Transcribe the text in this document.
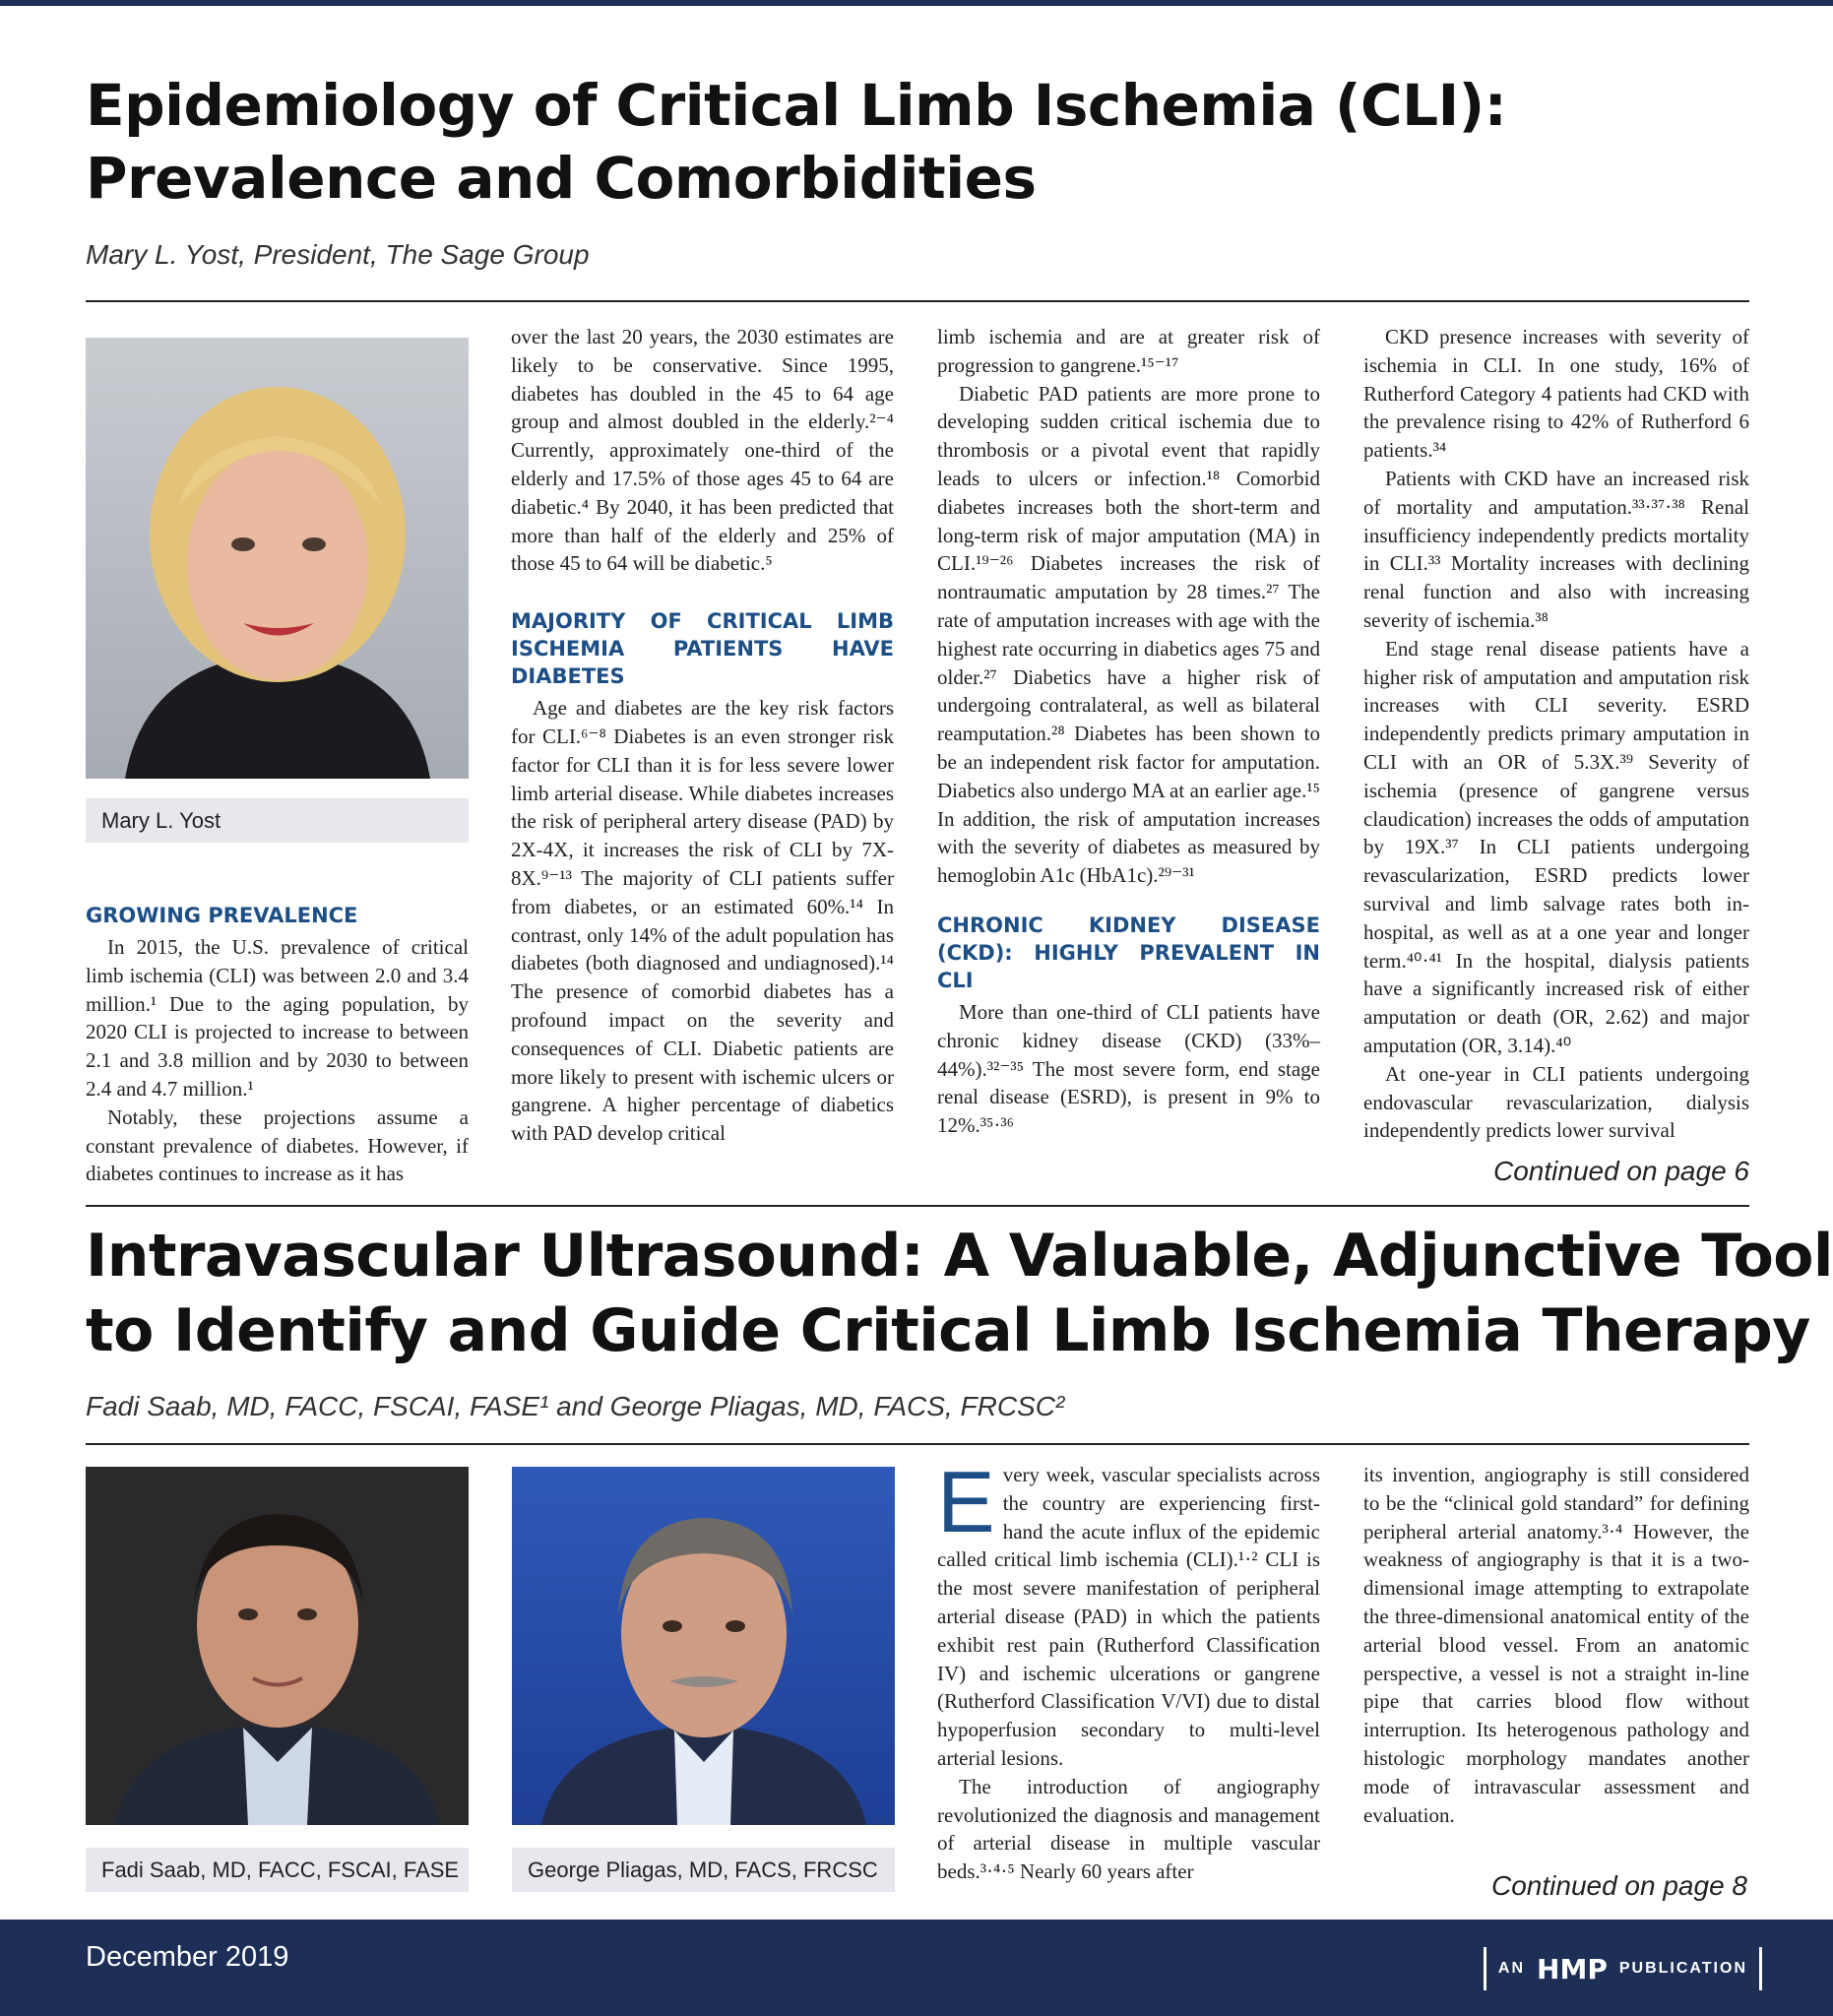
Epidemiology of Critical Limb Ischemia (CLI):
Prevalence and Comorbidities
Mary L. Yost, President, The Sage Group
Mary L. Yost
GROWING PREVALENCE

In 2015, the U.S. prevalence of critical limb ischemia (CLI) was between 2.0 and 3.4 million.¹ Due to the aging population, by 2020 CLI is projected to increase to between 2.1 and 3.8 million and by 2030 to between 2.4 and 4.7 million.¹

Notably, these projections assume a constant prevalence of diabetes. However, if diabetes continues to increase as it has

over the last 20 years, the 2030 estimates are likely to be conservative. Since 1995, diabetes has doubled in the 45 to 64 age group and almost doubled in the elderly.²⁻⁴ Currently, approximately one-third of the elderly and 17.5% of those ages 45 to 64 are diabetic.⁴ By 2040, it has been predicted that more than half of the elderly and 25% of those 45 to 64 will be diabetic.⁵

MAJORITY OF CRITICAL LIMB ISCHEMIA PATIENTS HAVE DIABETES

Age and diabetes are the key risk factors for CLI.⁶⁻⁸ Diabetes is an even stronger risk factor for CLI than it is for less severe lower limb arterial disease. While diabetes increases the risk of peripheral artery disease (PAD) by 2X-4X, it increases the risk of CLI by 7X-8X.⁹⁻¹³ The majority of CLI patients suffer from diabetes, or an estimated 60%.¹⁴ In contrast, only 14% of the adult population has diabetes (both diagnosed and undiagnosed).¹⁴ The presence of comorbid diabetes has a profound impact on the severity and consequences of CLI. Diabetic patients are more likely to present with ischemic ulcers or gangrene. A higher percentage of diabetics with PAD develop critical

limb ischemia and are at greater risk of progression to gangrene.¹⁵⁻¹⁷

Diabetic PAD patients are more prone to developing sudden critical ischemia due to thrombosis or a pivotal event that rapidly leads to ulcers or infection.¹⁸ Comorbid diabetes increases both the short-term and long-term risk of major amputation (MA) in CLI.¹⁹⁻²⁶ Diabetes increases the risk of nontraumatic amputation by 28 times.²⁷ The rate of amputation increases with age with the highest rate occurring in diabetics ages 75 and older.²⁷ Diabetics have a higher risk of undergoing contralateral, as well as bilateral reamputation.²⁸ Diabetes has been shown to be an independent risk factor for amputation. Diabetics also undergo MA at an earlier age.¹⁵ In addition, the risk of amputation increases with the severity of diabetes as measured by hemoglobin A1c (HbA1c).²⁹⁻³¹

CHRONIC KIDNEY DISEASE (CKD): HIGHLY PREVALENT IN CLI

More than one-third of CLI patients have chronic kidney disease (CKD) (33%–44%).³²⁻³⁵ The most severe form, end stage renal disease (ESRD), is present in 9% to 12%.³⁵·³⁶

CKD presence increases with severity of ischemia in CLI. In one study, 16% of Rutherford Category 4 patients had CKD with the prevalence rising to 42% of Rutherford 6 patients.³⁴

Patients with CKD have an increased risk of mortality and amputation.³³·³⁷·³⁸ Renal insufficiency independently predicts mortality in CLI.³³ Mortality increases with declining renal function and also with increasing severity of ischemia.³⁸

End stage renal disease patients have a higher risk of amputation and amputation risk increases with CLI severity. ESRD independently predicts primary amputation in CLI with an OR of 5.3X.³⁹ Severity of ischemia (presence of gangrene versus claudication) increases the odds of amputation by 19X.³⁷ In CLI patients undergoing revascularization, ESRD predicts lower survival and limb salvage rates both in-hospital, as well as at a one year and longer term.⁴⁰·⁴¹ In the hospital, dialysis patients have a significantly increased risk of either amputation or death (OR, 2.62) and major amputation (OR, 3.14).⁴⁰

At one-year in CLI patients undergoing endovascular revascularization, dialysis independently predicts lower survival

Continued on page 6
Intravascular Ultrasound: A Valuable, Adjunctive Tool
to Identify and Guide Critical Limb Ischemia Therapy
Fadi Saab, MD, FACC, FSCAI, FASE¹ and George Pliagas, MD, FACS, FRCSC²
Fadi Saab, MD, FACC, FSCAI, FASE	George Pliagas, MD, FACS, FRCSC

Every week, vascular specialists across the country are experiencing first-hand the acute influx of the epidemic called critical limb ischemia (CLI).¹·² CLI is the most severe manifestation of peripheral arterial disease (PAD) in which the patients exhibit rest pain (Rutherford Classification IV) and ischemic ulcerations or gangrene (Rutherford Classification V/VI) due to distal hypoperfusion secondary to multi-level arterial lesions.

The introduction of angiography revolutionized the diagnosis and management of arterial disease in multiple vascular beds.³·⁴·⁵ Nearly 60 years after

its invention, angiography is still considered to be the “clinical gold standard” for defining peripheral arterial anatomy.³·⁴ However, the weakness of angiography is that it is a two-dimensional image attempting to extrapolate the three-dimensional anatomical entity of the arterial blood vessel. From an anatomic perspective, a vessel is not a straight in-line pipe that carries blood flow without interruption. Its heterogenous pathology and histologic morphology mandates another mode of intravascular assessment and evaluation.

Continued on page 8
December 2019	AN HMP PUBLICATION
